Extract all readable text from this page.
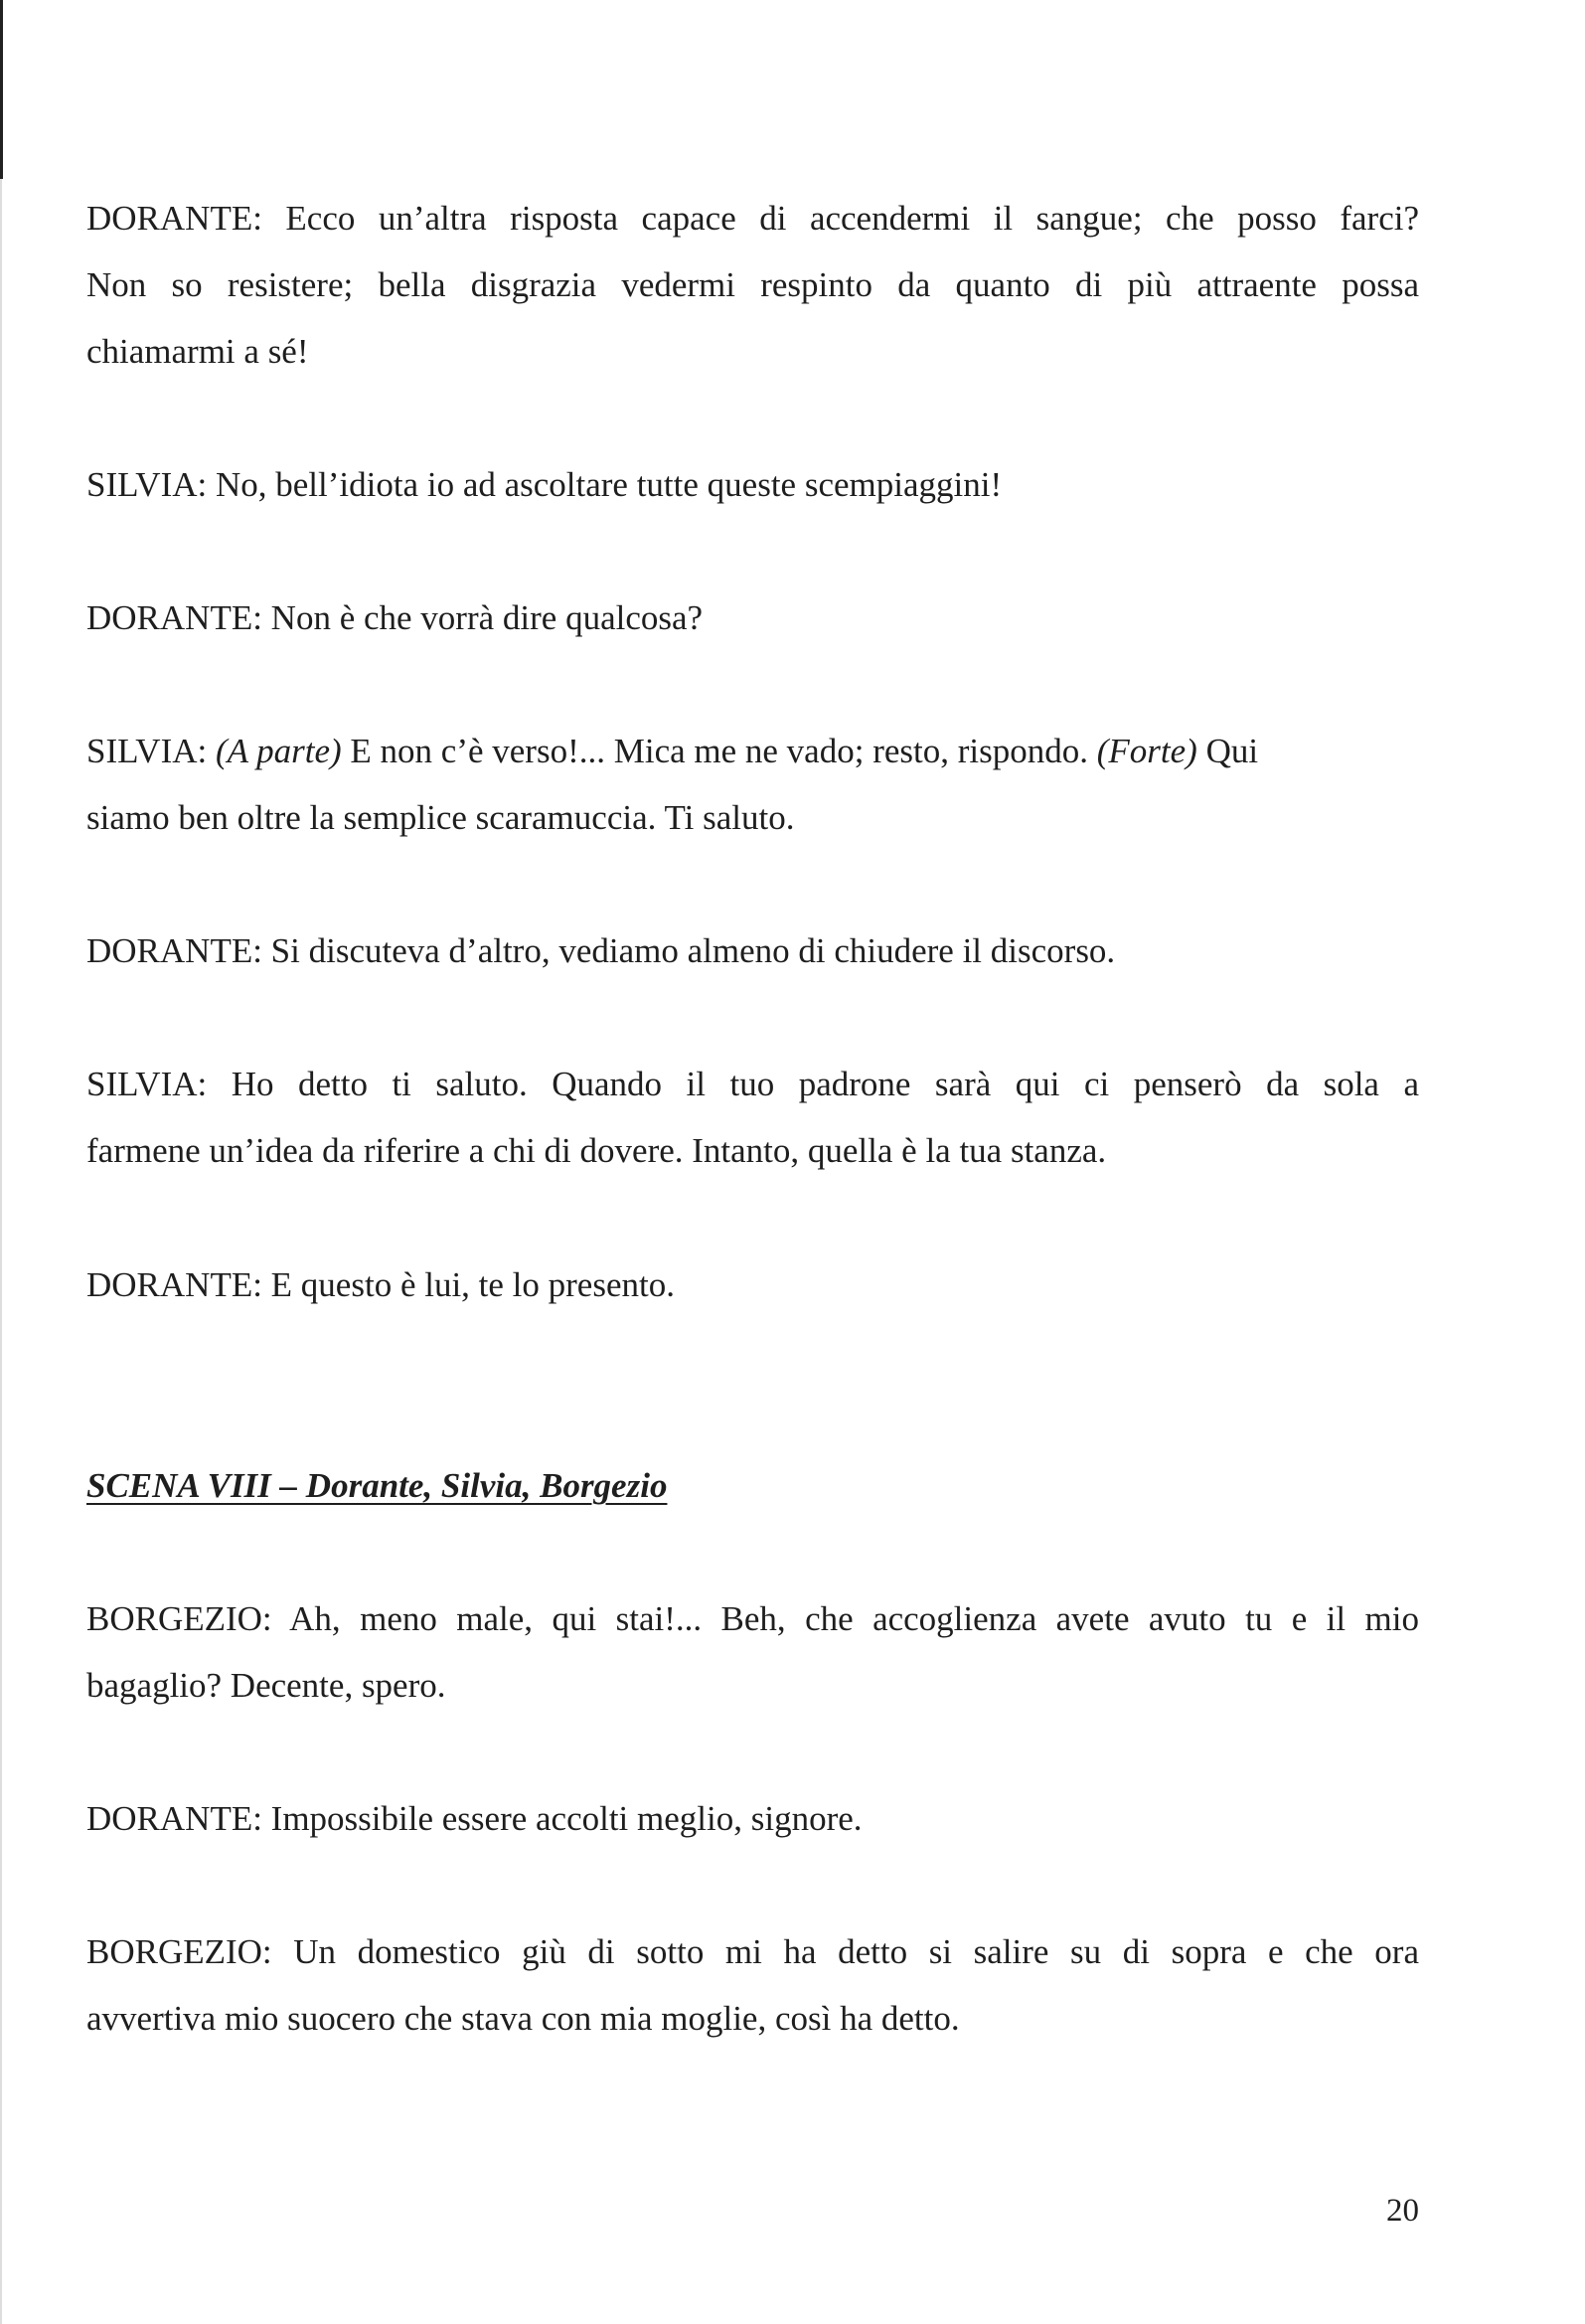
DORANTE: Ecco un’altra risposta capace di accendermi il sangue; che posso farci?
Non so resistere; bella disgrazia vedermi respinto da quanto di più attraente possa
chiamarmi a sé!
SILVIA: No, bell’idiota io ad ascoltare tutte queste scempiaggini!
DORANTE: Non è che vorrà dire qualcosa?
SILVIA: (A parte) E non c’è verso!... Mica me ne vado; resto, rispondo. (Forte) Qui
siamo ben oltre la semplice scaramuccia. Ti saluto.
DORANTE: Si discuteva d’altro, vediamo almeno di chiudere il discorso.
SILVIA: Ho detto ti saluto. Quando il tuo padrone sarà qui ci penserò da sola a
farmene un’idea da riferire a chi di dovere. Intanto, quella è la tua stanza.
DORANTE: E questo è lui, te lo presento.
SCENA VIII – Dorante, Silvia, Borgezio
BORGEZIO: Ah, meno male, qui stai!... Beh, che accoglienza avete avuto tu e il mio
bagaglio? Decente, spero.
DORANTE: Impossibile essere accolti meglio, signore.
BORGEZIO: Un domestico giù di sotto mi ha detto si salire su di sopra e che ora
avvertiva mio suocero che stava con mia moglie, così ha detto.
20
